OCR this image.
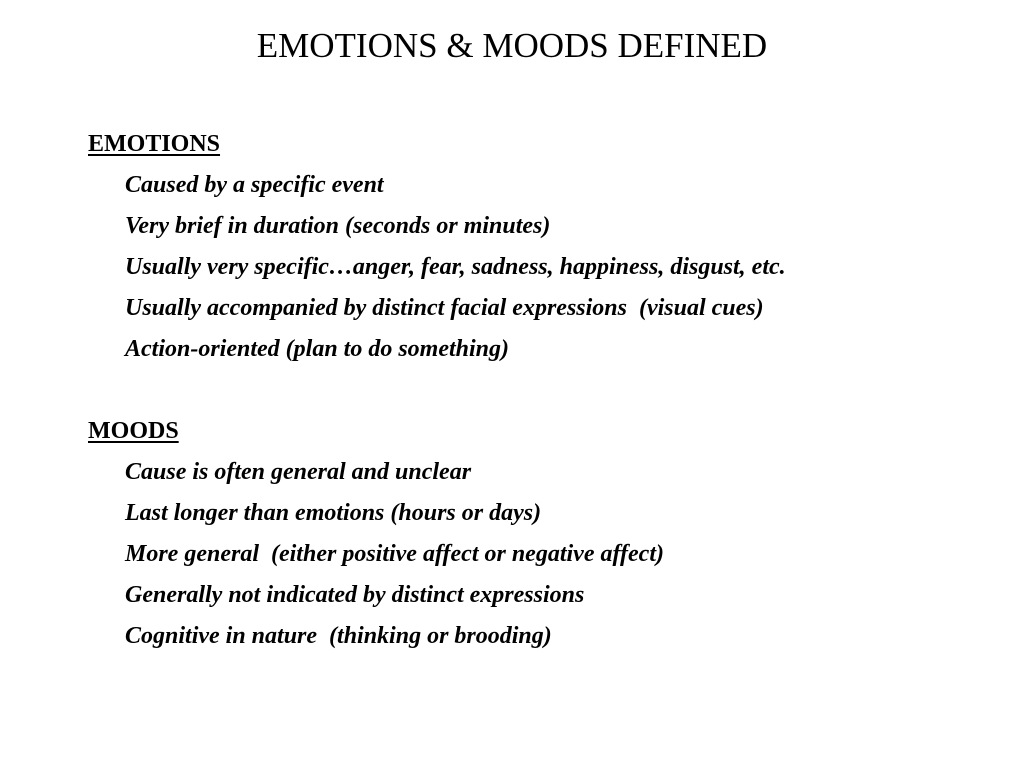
EMOTIONS & MOODS DEFINED
EMOTIONS
Caused by a specific event
Very brief in duration (seconds or minutes)
Usually very specific…anger, fear, sadness, happiness, disgust, etc.
Usually accompanied by distinct facial expressions  (visual cues)
Action-oriented (plan to do something)
MOODS
Cause is often general and unclear
Last longer than emotions (hours or days)
More general  (either positive affect or negative affect)
Generally not indicated by distinct expressions
Cognitive in nature  (thinking or brooding)
